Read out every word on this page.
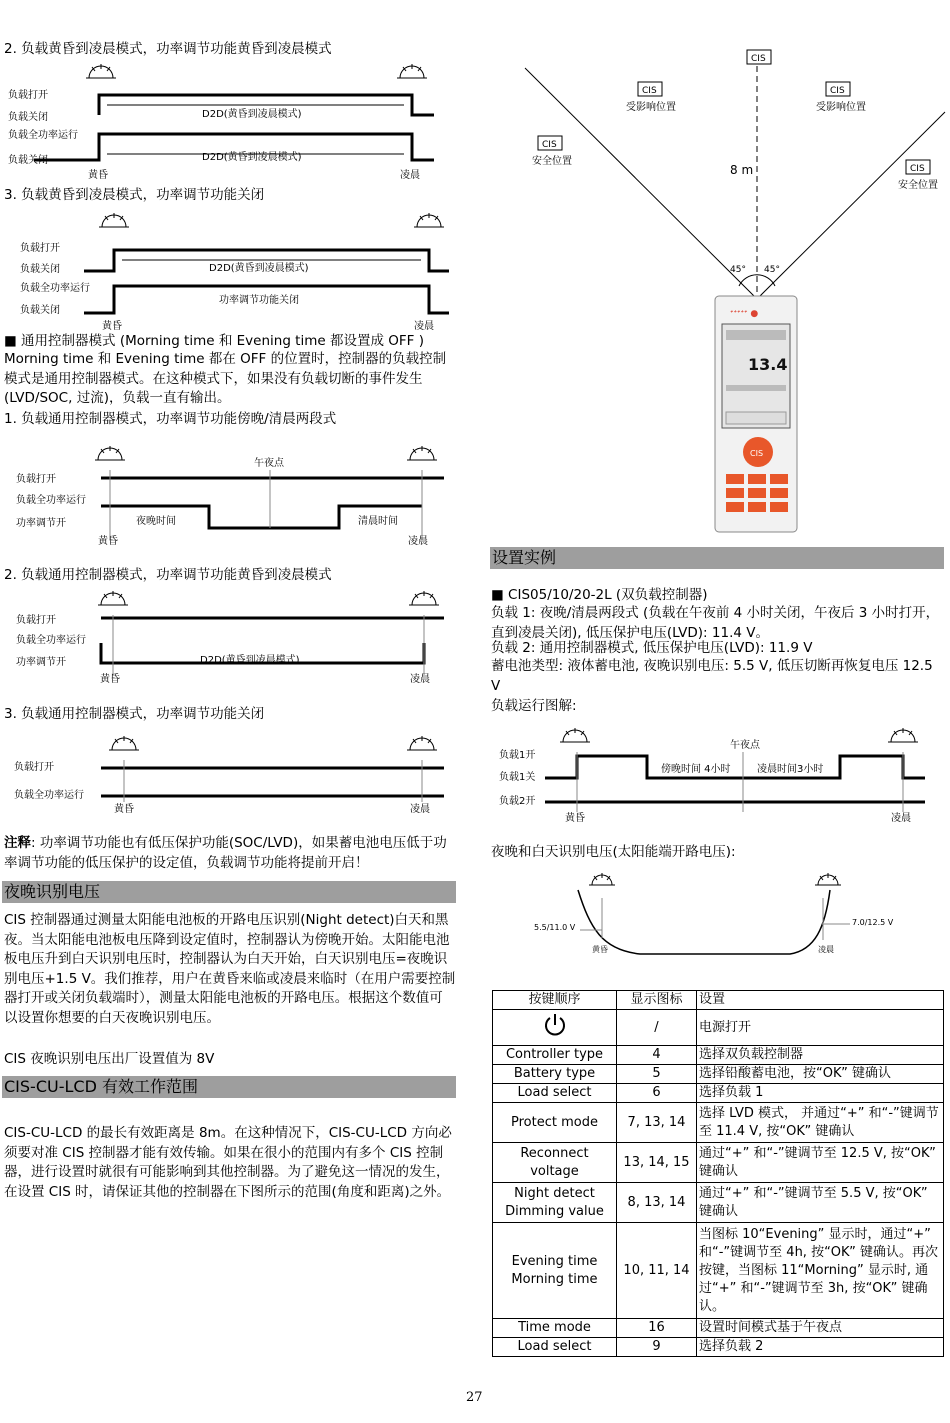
2. 负载黄昏到凌晨模式，功率调节功能黄昏到凌晨模式
负载打开
负载关闭
负载全功率运行
负载关闭
D2D(黄昏到凌晨模式)
D2D(黄昏到凌晨模式)
黄昏	凌晨
3. 负载黄昏到凌晨模式，功率调节功能关闭
负载打开
负载关闭
负载全功率运行
负载关闭
D2D(黄昏到凌晨模式)
功率调节功能关闭
黄昏	凌晨
■ 通用控制器模式 (Morning time 和 Evening time 都设置成 OFF )
Morning time 和 Evening time 都在 OFF 的位置时，控制器的负载控制模式是通用控制器模式。在这种模式下，如果没有负载切断的事件发生(LVD/SOC, 过流)，负载一直有输出。
1. 负载通用控制器模式，功率调节功能傍晚/清晨两段式
负载打开
负载全功率运行
功率调节开
午夜点
夜晚时间	清晨时间
黄昏	凌晨
2. 负载通用控制器模式，功率调节功能黄昏到凌晨模式
负载打开
负载全功率运行
功率调节开	D2D(黄昏到凌晨模式)
黄昏	凌晨
3. 负载通用控制器模式，功率调节功能关闭
负载打开
负载全功率运行
黄昏	凌晨
注释: 功率调节功能也有低压保护功能(SOC/LVD)，如果蓄电池电压低于功率调节功能的低压保护的设定值，负载调节功能将提前开启！
夜晚识别电压
CIS 控制器通过测量太阳能电池板的开路电压识别(Night detect)白天和黑夜。当太阳能电池板电压降到设定值时，控制器认为傍晚开始。太阳能电池板电压升到白天识别电压时，控制器认为白天开始，白天识别电压=夜晚识别电压+1.5 V。我们推荐，用户在黄昏来临或凌晨来临时（在用户需要控制器打开或关闭负载端时），测量太阳能电池板的开路电压。根据这个数值可以设置你想要的白天夜晚识别电压。
CIS 夜晚识别电压出厂设置值为 8V
CIS-CU-LCD 有效工作范围
CIS-CU-LCD 的最长有效距离是 8m。在这种情况下，CIS-CU-LCD 方向必须要对准 CIS 控制器才能有效传输。如果在很小的范围内有多个 CIS 控制器，进行设置时就很有可能影响到其他控制器。为了避免这一情况的发生，在设置 CIS 时，请保证其他的控制器在下图所示的范围(角度和距离)之外。
CIS
CIS
受影响位置
CIS
受影响位置
CIS
安全位置
CIS
安全位置
8 m
45° 45°
ᐩᐩᐩᐩᐩ ●
13.4
CIS
设置实例
■ CIS05/10/20-2L (双负载控制器)
负载 1: 夜晚/清晨两段式 (负载在午夜前 4 小时关闭，午夜后 3 小时打开，直到凌晨关闭), 低压保护电压(LVD): 11.4 V。
负载 2: 通用控制器模式, 低压保护电压(LVD): 11.9 V
蓄电池类型: 液体蓄电池, 夜晚识别电压: 5.5 V, 低压切断再恢复电压 12.5 V
负载运行图解:
负载1开
负载1关
负载2开
午夜点
傍晚时间 4小时	凌晨时间3小时
黄昏	凌晨
夜晚和白天识别电压(太阳能端开路电压):
5.5/11.0 V
7.0/12.5 V
黄昏	凌晨
按键顺序	显示图标	设置
	/	电源打开
Controller type	4	选择双负载控制器
Battery type	5	选择铅酸蓄电池，按“OK” 键确认
Load select	6	选择负载 1
Protect mode	7, 13, 14	选择 LVD 模式， 并通过“+” 和“-”键调节至 11.4 V, 按“OK” 键确认
Reconnect voltage	13, 14, 15	通过“+” 和“-”键调节至 12.5 V, 按“OK” 键确认
Night detect Dimming value	8, 13, 14	通过“+” 和“-”键调节至 5.5 V, 按“OK” 键确认
Evening time Morning time	10, 11, 14	当图标 10“Evening” 显示时，通过“+” 和“-”键调节至 4h, 按“OK” 键确认。再次按键，当图标 11“Morning” 显示时, 通过“+” 和“-”键调节至 3h, 按“OK” 键确认。
Time mode	16	设置时间模式基于午夜点
Load select	9	选择负载 2
27
